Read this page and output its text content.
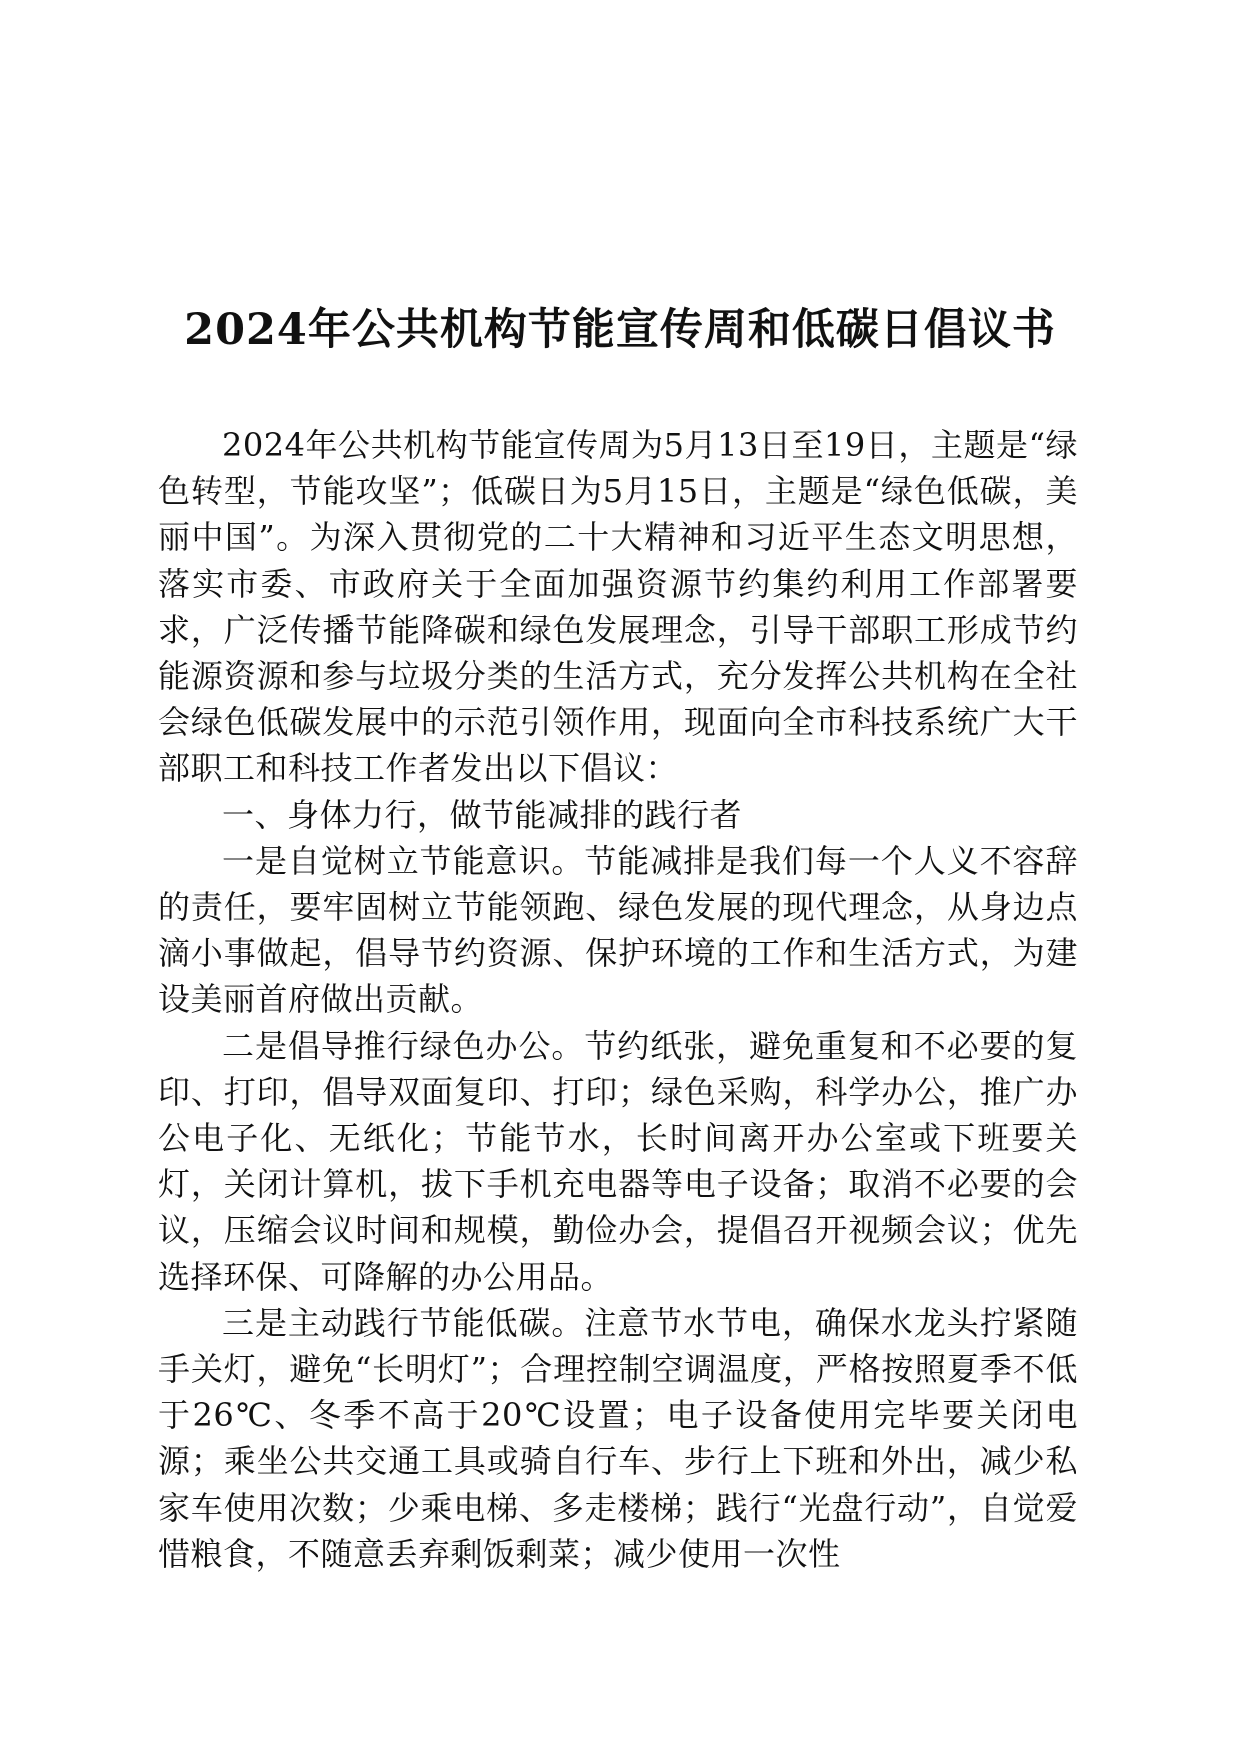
2024年公共机构节能宣传周和低碳日倡议书

2024年公共机构节能宣传周为5月13日至19日，主题是“绿色转型，节能攻坚”；低碳日为5月15日，主题是“绿色低碳，美丽中国”。为深入贯彻党的二十大精神和习近平生态文明思想，落实市委、市政府关于全面加强资源节约集约利用工作部署要求，广泛传播节能降碳和绿色发展理念，引导干部职工形成节约能源资源和参与垃圾分类的生活方式，充分发挥公共机构在全社会绿色低碳发展中的示范引领作用，现面向全市科技系统广大干部职工和科技工作者发出以下倡议：

一、身体力行，做节能减排的践行者

一是自觉树立节能意识。节能减排是我们每一个人义不容辞的责任，要牢固树立节能领跑、绿色发展的现代理念，从身边点滴小事做起，倡导节约资源、保护环境的工作和生活方式，为建设美丽首府做出贡献。

二是倡导推行绿色办公。节约纸张，避免重复和不必要的复印、打印，倡导双面复印、打印；绿色采购，科学办公，推广办公电子化、无纸化；节能节水，长时间离开办公室或下班要关灯，关闭计算机，拔下手机充电器等电子设备；取消不必要的会议，压缩会议时间和规模，勤俭办会，提倡召开视频会议；优先选择环保、可降解的办公用品。

三是主动践行节能低碳。注意节水节电，确保水龙头拧紧随手关灯，避免“长明灯”；合理控制空调温度，严格按照夏季不低于26℃、冬季不高于20℃设置；电子设备使用完毕要关闭电源；乘坐公共交通工具或骑自行车、步行上下班和外出，减少私家车使用次数；少乘电梯、多走楼梯；践行“光盘行动”，自觉爱惜粮食，不随意丢弃剩饭剩菜；减少使用一次性
